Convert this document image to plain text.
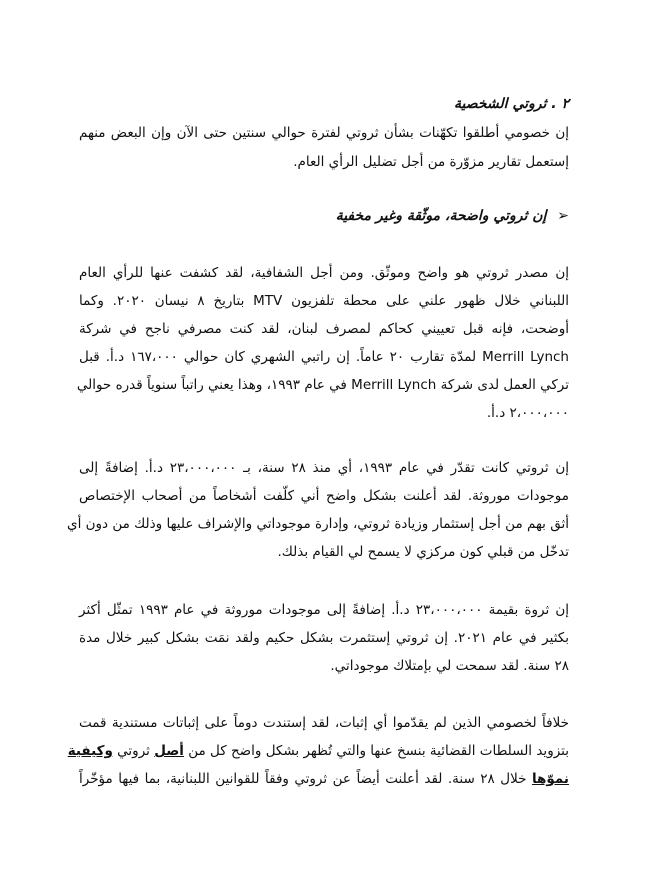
٢ . ثروتي الشخصية
إن خصومي أطلقوا تكهّنات بشأن ثروتي لفترة حوالي سنتين حتى الآن وإن البعض منهم
إستعمل تقارير مزوّرة من أجل تضليل الرأي العام.
➢ إن ثروتي واضحة، موثّقة وغير مخفية
إن مصدر ثروتي هو واضح وموثّق. ومن أجل الشفافية، لقد كشفت عنها للرأي العام
اللبناني خلال ظهور علني على محطة تلفزيون MTV بتاريخ ٨ نيسان ٢٠٢٠. وكما
أوضحت، فإنه قبل تعييني كحاكم لمصرف لبنان، لقد كنت مصرفي ناجح في شركة
Merrill Lynch لمدّة تقارب ٢٠ عاماً. إن راتبي الشهري كان حوالي ١٦٧،٠٠٠ د.أ. قبل
تركي العمل لدى شركة Merrill Lynch في عام ١٩٩٣، وهذا يعني راتباً سنوياً قدره حوالي
٢،٠٠٠،٠٠٠ د.أ.
إن ثروتي كانت تقدّر في عام ١٩٩٣، أي منذ ٢٨ سنة، بـ ٢٣،٠٠٠،٠٠٠ د.أ. إضافةً إلى
موجودات موروثة. لقد أعلنت بشكل واضح أني كلّفت أشخاصاً من أصحاب الإختصاص
أثق بهم من أجل إستثمار وزيادة ثروتي، وإدارة موجوداتي والإشراف عليها وذلك من دون أي
تدخّل من قبلي كون مركزي لا يسمح لي القيام بذلك.
إن ثروة بقيمة ٢٣،٠٠٠،٠٠٠ د.أ. إضافةً إلى موجودات موروثة في عام ١٩٩٣ تمثّل أكثر
بكثير في عام ٢٠٢١. إن ثروتي إستثمرت بشكل حكيم ولقد نمَت بشكل كبير خلال مدة
٢٨ سنة. لقد سمحت لي بإمتلاك موجوداتي.
خلافاً لخصومي الذين لم يقدّموا أي إثبات، لقد إستندت دوماً على إثباتات مستندية قمت
بتزويد السلطات القضائية بنسخ عنها والتي تُظهر بشكل واضح كل من أصل ثروتي وكيفية
نموّها خلال ٢٨ سنة. لقد أعلنت أيضاً عن ثروتي وفقاً للقوانين اللبنانية، بما فيها مؤخّراً
